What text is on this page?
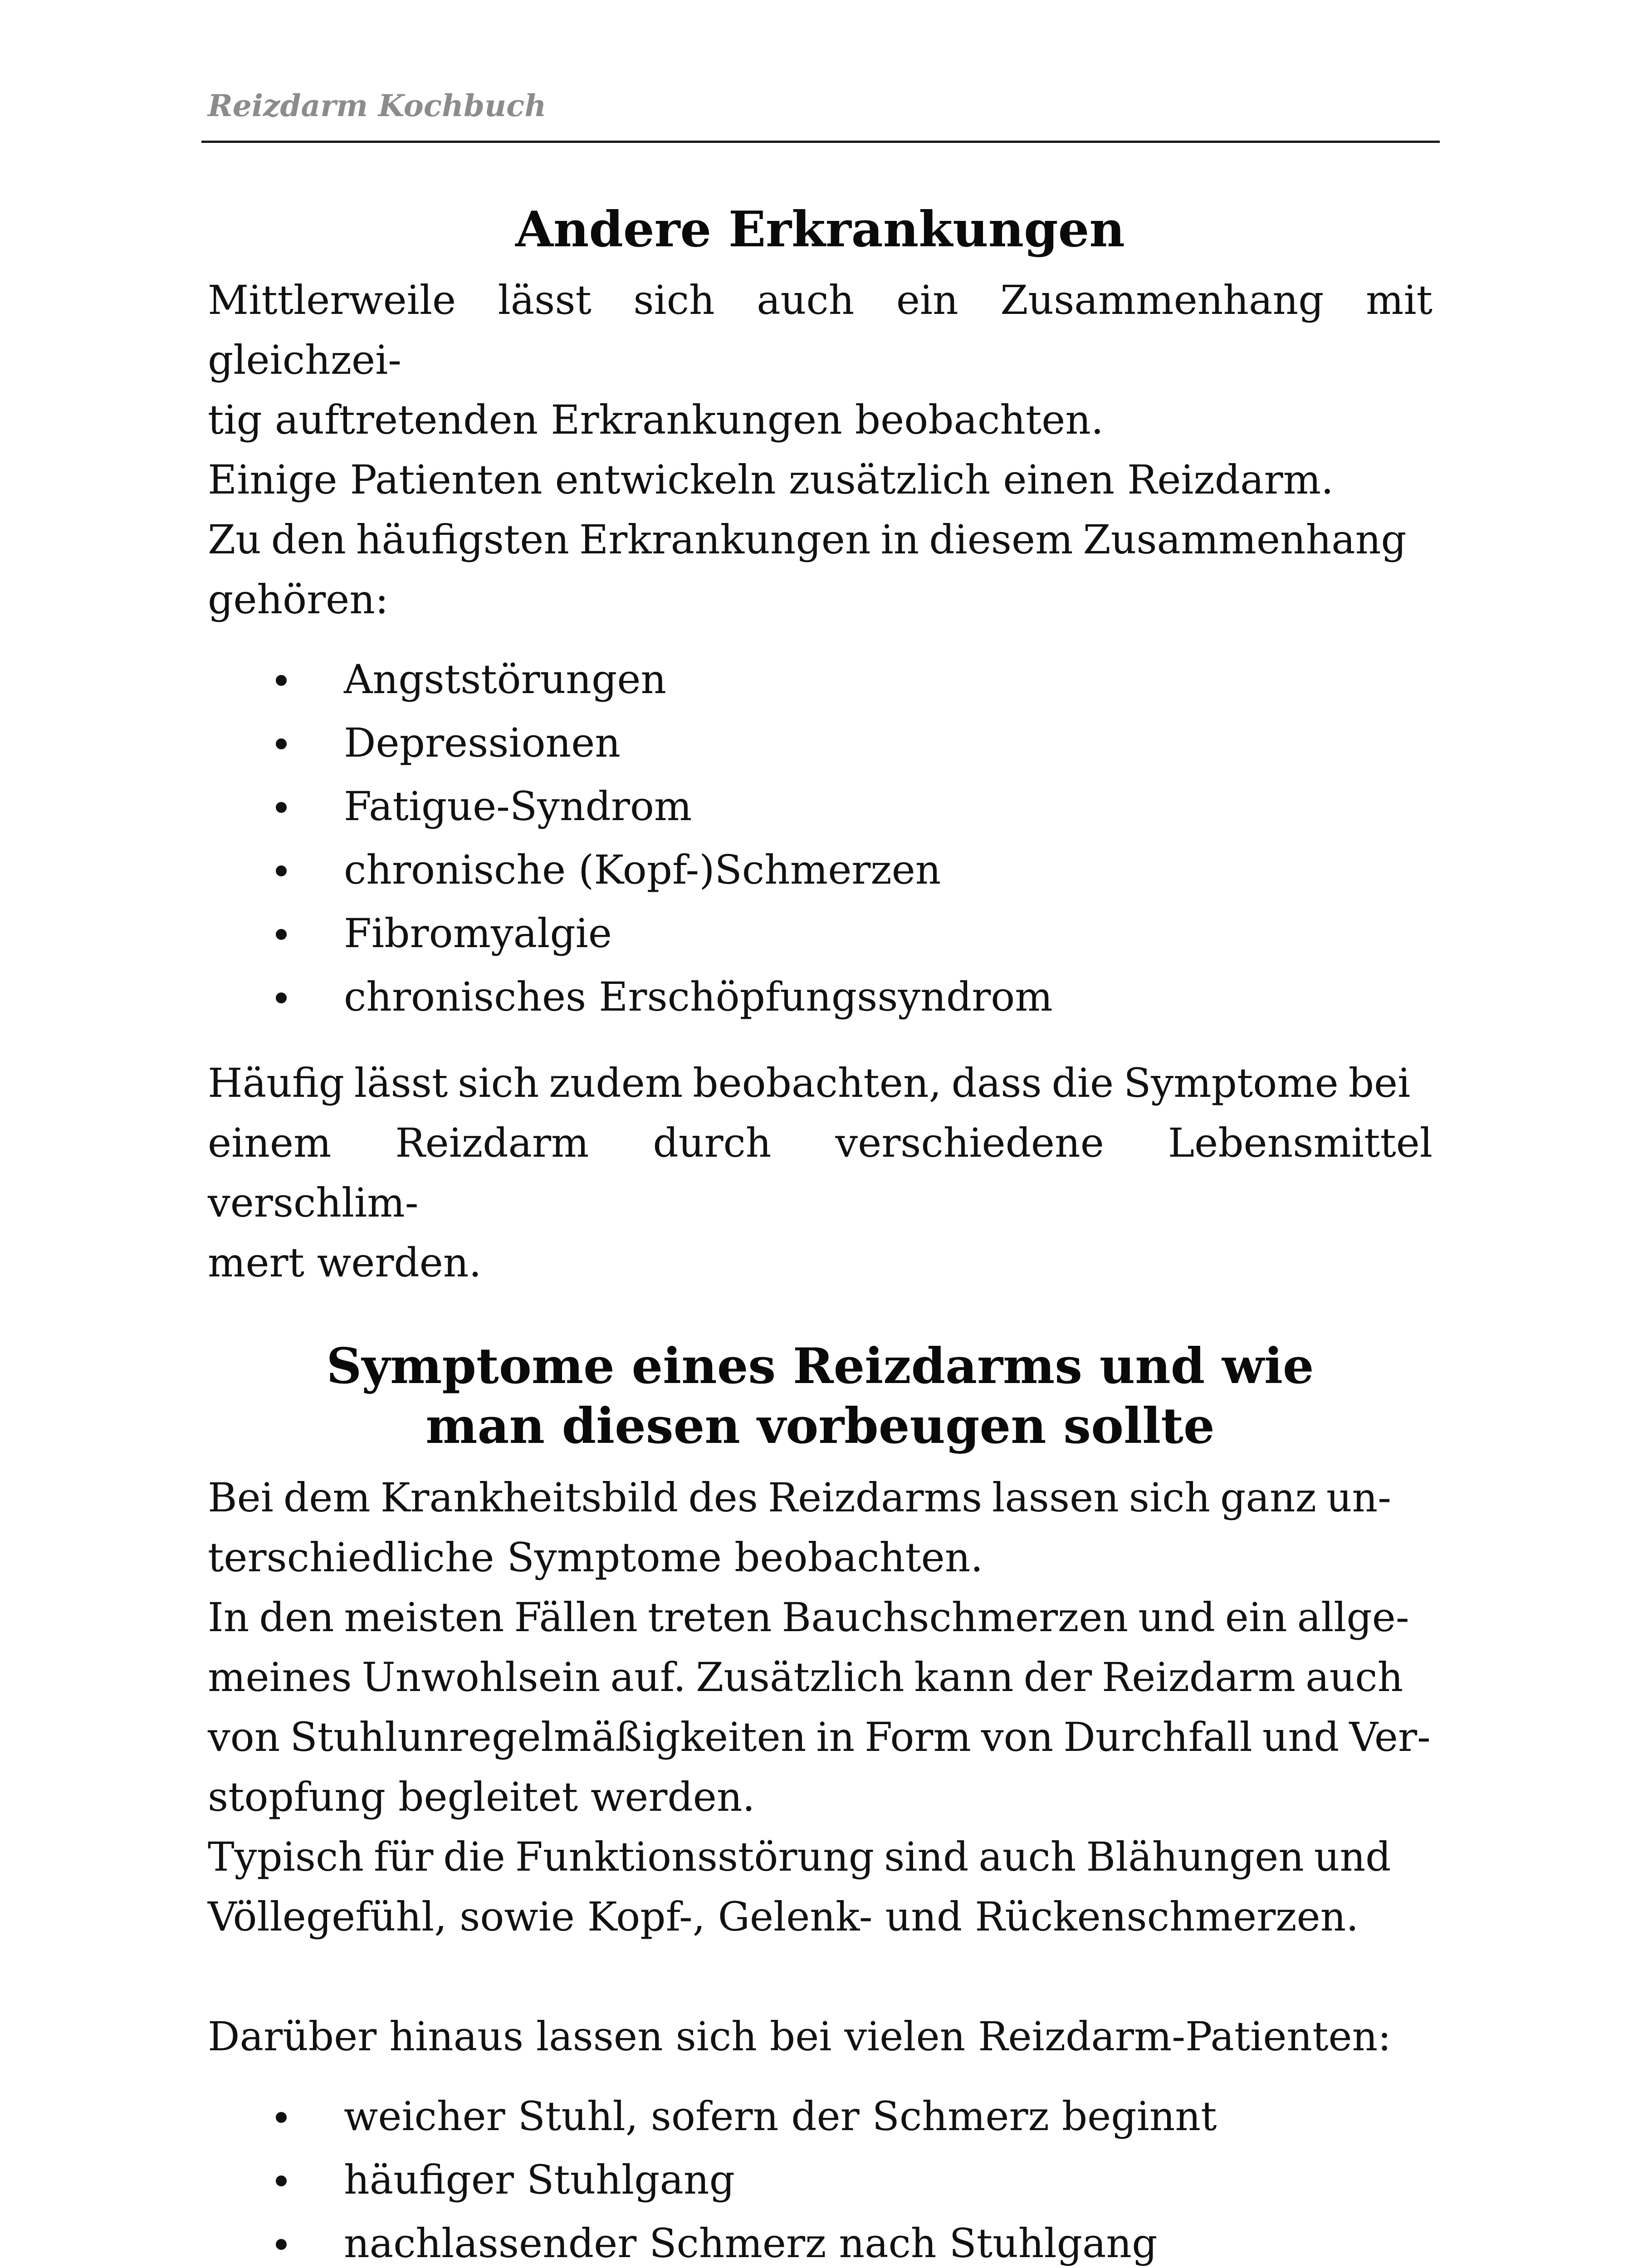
Reizdarm Kochbuch
Andere Erkrankungen

Mittlerweile lässt sich auch ein Zusammenhang mit gleichzei-

tig auftretenden Erkrankungen beobachten.
Einige Patienten entwickeln zusätzlich einen Reizdarm.

Zu den häufigsten Erkrankungen in diesem Zusammenhang

gehören:
Angststörungen
Depressionen
Fatigue-Syndrom
chronische (Kopf-)Schmerzen
Fibromyalgie
chronisches Erschöpfungssyndrom

Häufig lässt sich zudem beobachten, dass die Symptome bei

einem Reizdarm durch verschiedene Lebensmittel verschlim-

mert werden.
Symptome eines Reizdarms und wie
man diesen vorbeugen sollte

Bei dem Krankheitsbild des Reizdarms lassen sich ganz un-

terschiedliche Symptome beobachten.

In den meisten Fällen treten Bauchschmerzen und ein allge-

meines Unwohlsein auf. Zusätzlich kann der Reizdarm auch

von Stuhlunregelmäßigkeiten in Form von Durchfall und Ver-

stopfung begleitet werden.

Typisch für die Funktionsstörung sind auch Blähungen und

Völlegefühl, sowie Kopf-, Gelenk- und Rückenschmerzen.
Darüber hinaus lassen sich bei vielen Reizdarm-Patienten:
weicher Stuhl, sofern der Schmerz beginnt
häufiger Stuhlgang
nachlassender Schmerz nach Stuhlgang
